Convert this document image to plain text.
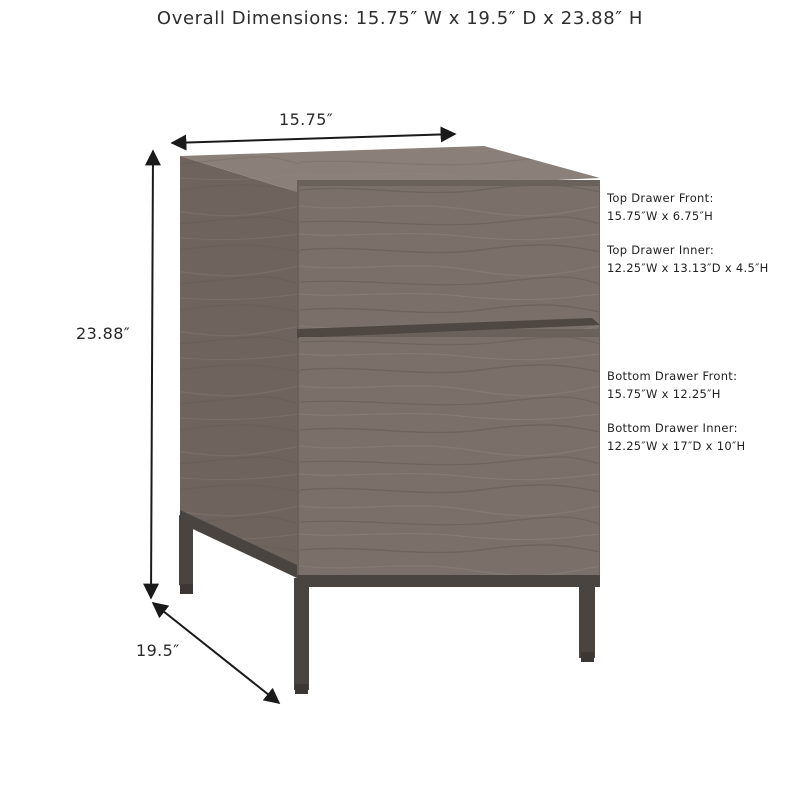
Overall Dimensions: 15.75″ W x 19.5″ D x 23.88″ H
15.75″
23.88″
19.5″
Top Drawer Front:
15.75″W x 6.75″H
Top Drawer Inner:
12.25″W x 13.13″D x 4.5″H
Bottom Drawer Front:
15.75″W x 12.25″H
Bottom Drawer Inner:
12.25″W x 17″D x 10″H
